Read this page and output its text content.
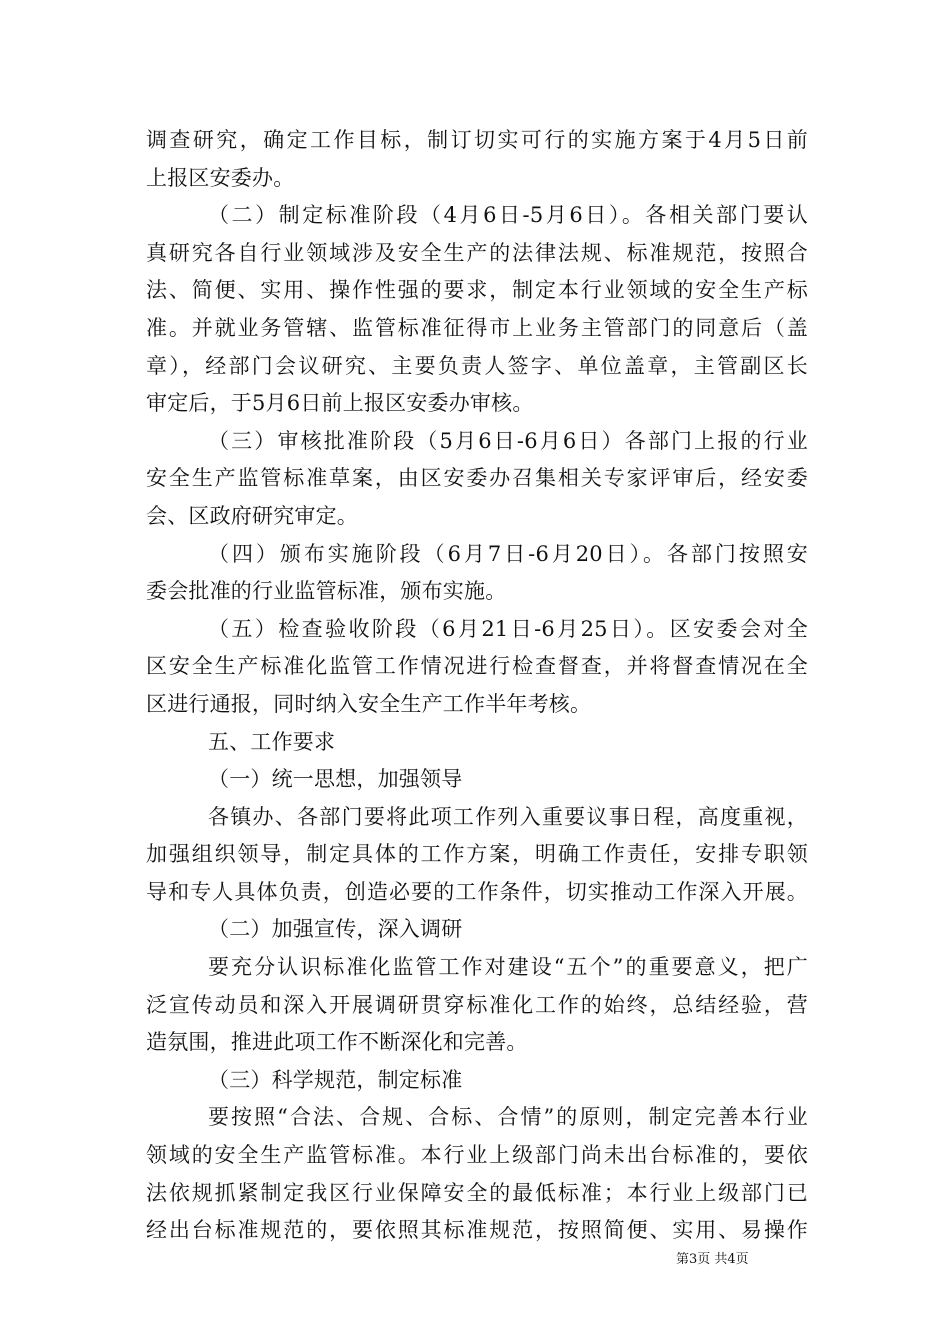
调查研究，确定工作目标，制订切实可行的实施方案于4月5日前
上报区安委办。
（二）制定标准阶段（4月6日-5月6日）。各相关部门要认
真研究各自行业领域涉及安全生产的法律法规、标准规范，按照合
法、简便、实用、操作性强的要求，制定本行业领域的安全生产标
准。并就业务管辖、监管标准征得市上业务主管部门的同意后（盖
章），经部门会议研究、主要负责人签字、单位盖章，主管副区长
审定后，于5月6日前上报区安委办审核。
（三）审核批准阶段（5月6日-6月6日）各部门上报的行业
安全生产监管标准草案，由区安委办召集相关专家评审后，经安委
会、区政府研究审定。
（四）颁布实施阶段（6月7日-6月20日）。各部门按照安
委会批准的行业监管标准，颁布实施。
（五）检查验收阶段（6月21日-6月25日）。区安委会对全
区安全生产标准化监管工作情况进行检查督查，并将督查情况在全
区进行通报，同时纳入安全生产工作半年考核。
五、工作要求
（一）统一思想，加强领导
各镇办、各部门要将此项工作列入重要议事日程，高度重视，
加强组织领导，制定具体的工作方案，明确工作责任，安排专职领
导和专人具体负责，创造必要的工作条件，切实推动工作深入开展。
（二）加强宣传，深入调研
要充分认识标准化监管工作对建设“五个”的重要意义，把广
泛宣传动员和深入开展调研贯穿标准化工作的始终，总结经验，营
造氛围，推进此项工作不断深化和完善。
（三）科学规范，制定标准
要按照“合法、合规、合标、合情”的原则，制定完善本行业
领域的安全生产监管标准。本行业上级部门尚未出台标准的，要依
法依规抓紧制定我区行业保障安全的最低标准；本行业上级部门已
经出台标准规范的，要依照其标准规范，按照简便、实用、易操作
第3页 共4页
